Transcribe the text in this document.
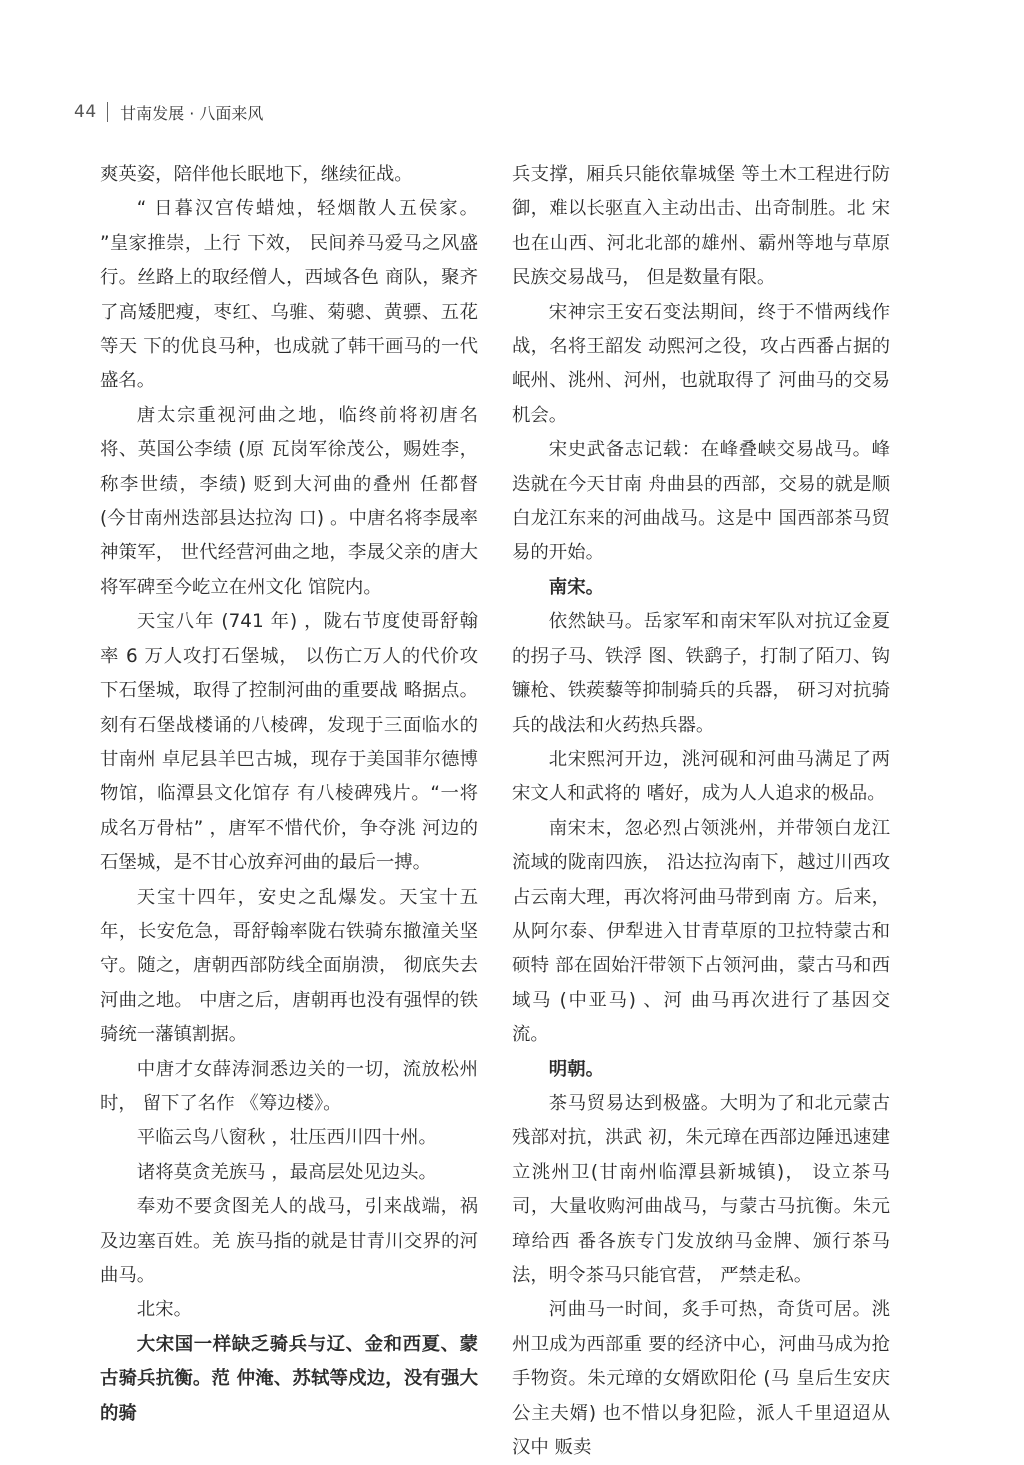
44 甘南发展 · 八面来风

爽英姿，陪伴他长眠地下，继续征战。

“ 日暮汉宫传蜡烛，轻烟散人五侯家。 ”皇家推崇，上行 下效， 民间养马爱马之风盛行。丝路上的取经僧人，西域各色 商队，聚齐了高矮肥瘦，枣红、乌骓、菊骢、黄骠、五花等天 下的优良马种，也成就了韩干画马的一代盛名。

唐太宗重视河曲之地，临终前将初唐名将、英国公李绩 (原 瓦岗军徐茂公，赐姓李，称李世绩，李绩) 贬到大河曲的叠州 任都督 (今甘南州迭部县达拉沟 口) 。中唐名将李晟率神策军， 世代经营河曲之地，李晟父亲的唐大将军碑至今屹立在州文化 馆院内。

天宝八年 (741 年) ，陇右节度使哥舒翰率 6 万人攻打石堡城， 以伤亡万人的代价攻下石堡城，取得了控制河曲的重要战 略据点。刻有石堡战楼诵的八棱碑，发现于三面临水的甘南州 卓尼县羊巴古城，现存于美国菲尔德博物馆，临潭县文化馆存 有八棱碑残片。“一将成名万骨枯” ，唐军不惜代价，争夺洮 河边的石堡城，是不甘心放弃河曲的最后一搏。

天宝十四年，安史之乱爆发。天宝十五年，长安危急，哥舒翰率陇右铁骑东撤潼关坚守。随之，唐朝西部防线全面崩溃， 彻底失去河曲之地。 中唐之后，唐朝再也没有强悍的铁骑统一藩镇割据。

中唐才女薛涛洞悉边关的一切，流放松州时， 留下了名作 《筹边楼》。

平临云鸟八窗秋 ，壮压西川四十州。

诸将莫贪羌族马 ，最高层处见边头。

奉劝不要贪图羌人的战马，引来战端，祸及边塞百姓。羌 族马指的就是甘青川交界的河曲马。

北宋。

大宋国一样缺乏骑兵与辽、金和西夏、蒙古骑兵抗衡。范 仲淹、苏轼等戍边，没有强大的骑

兵支撑，厢兵只能依靠城堡 等土木工程进行防御，难以长驱直入主动出击、出奇制胜。北 宋也在山西、河北北部的雄州、霸州等地与草原民族交易战马， 但是数量有限。

宋神宗王安石变法期间，终于不惜两线作战，名将王韶发 动熙河之役，攻占西番占据的岷州、洮州、河州，也就取得了 河曲马的交易机会。

宋史武备志记载：在峰叠峡交易战马。峰迭就在今天甘南 舟曲县的西部，交易的就是顺白龙江东来的河曲战马。这是中 国西部茶马贸易的开始。

南宋。

依然缺马。岳家军和南宋军队对抗辽金夏的拐子马、铁浮 图、铁鹞子，打制了陌刀、钩镰枪、铁蒺藜等抑制骑兵的兵器， 研习对抗骑兵的战法和火药热兵器。

北宋熙河开边，洮河砚和河曲马满足了两宋文人和武将的 嗜好，成为人人追求的极品。

南宋末，忽必烈占领洮州，并带领白龙江流域的陇南四族， 沿达拉沟南下，越过川西攻占云南大理，再次将河曲马带到南 方。后来，从阿尔泰、伊犁进入甘青草原的卫拉特蒙古和硕特 部在固始汗带领下占领河曲，蒙古马和西域马 (中亚马) 、河 曲马再次进行了基因交流。

明朝。

茶马贸易达到极盛。大明为了和北元蒙古残部对抗，洪武 初，朱元璋在西部边陲迅速建立洮州卫(甘南州临潭县新城镇)， 设立茶马司，大量收购河曲战马，与蒙古马抗衡。朱元璋给西 番各族专门发放纳马金牌、颁行茶马法，明令茶马只能官营， 严禁走私。

河曲马一时间，炙手可热，奇货可居。洮州卫成为西部重 要的经济中心，河曲马成为抢手物资。朱元璋的女婿欧阳伦 (马 皇后生安庆公主夫婿) 也不惜以身犯险，派人千里迢迢从汉中 贩卖
